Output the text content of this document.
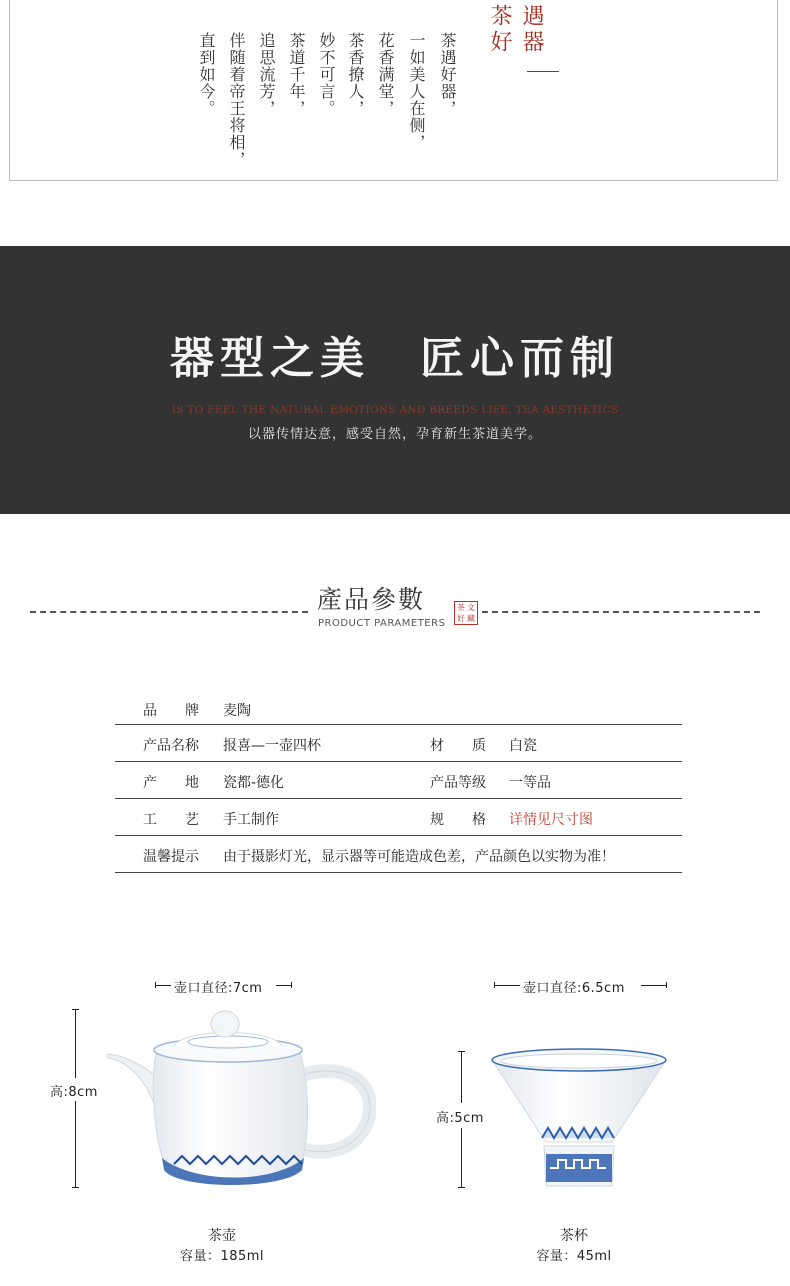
茶遇好器，
一如美人在侧，
花香满堂，
茶香撩人，
妙不可言。
茶道千年，
追思流芳，
伴随着帝王将相，
直到如今。
遇器
茶好
器型之美　匠心而制
IS TO FEEL THE NATURAL EMOTIONS AND BREEDS LIFE, TEA AESTHETICS
以器传情达意，感受自然，孕育新生茶道美学。
產品參數
PRODUCT PARAMETERS
茶 文
好 藏
品　　牌 麦陶
产品名称 报喜—一壶四杯	材　　质 白瓷
产　　地 瓷都-德化	产品等级 一等品
工　　艺 手工制作	规　　格 详情见尺寸图
温馨提示 由于摄影灯光，显示器等可能造成色差，产品颜色以实物为准！
壶口直径:7cm
高:8cm
茶壶
容量：185ml
壶口直径:6.5cm
高:5cm
茶杯
容量：45ml
